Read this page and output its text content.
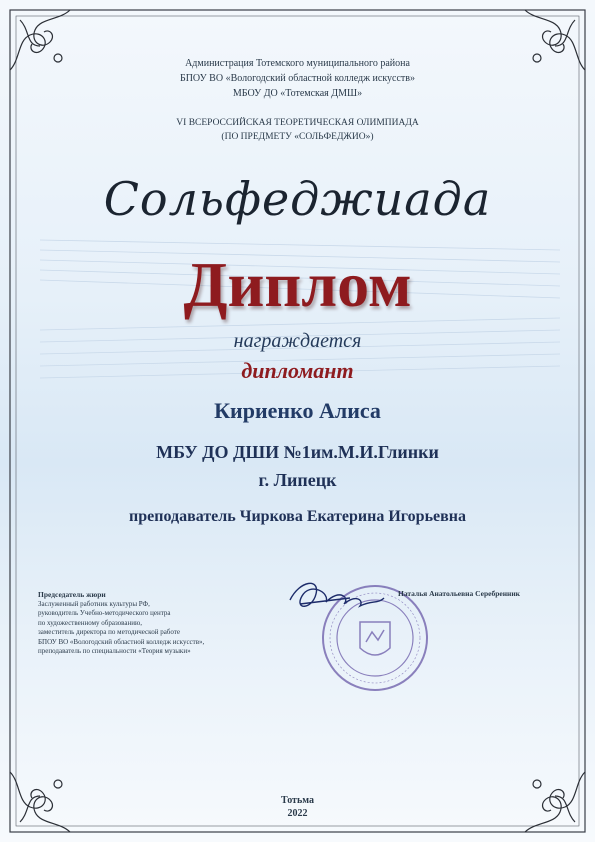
Администрация Тотемского муниципального района
БПОУ ВО «Вологодский областной колледж искусств»
МБОУ ДО «Тотемская ДМШ»
VI ВСЕРОССИЙСКАЯ ТЕОРЕТИЧЕСКАЯ ОЛИМПИАДА
(ПО ПРЕДМЕТУ «СОЛЬФЕДЖИО»)
Сольфеджиада
Диплом
награждается
дипломант
Кириенко Алиса
МБУ ДО ДШИ №1им.М.И.Глинки
г. Липецк
преподаватель Чиркова Екатерина Игорьевна
Председатель жюри
Заслуженный работник культуры РФ,
руководитель Учебно-методического центра
по художественному образованию,
заместитель директора по методической работе
БПОУ ВО «Вологодский областной колледж искусств»,
преподаватель по специальности «Теория музыки»
Наталья Анатольевна Серебренник
Тотьма
2022
